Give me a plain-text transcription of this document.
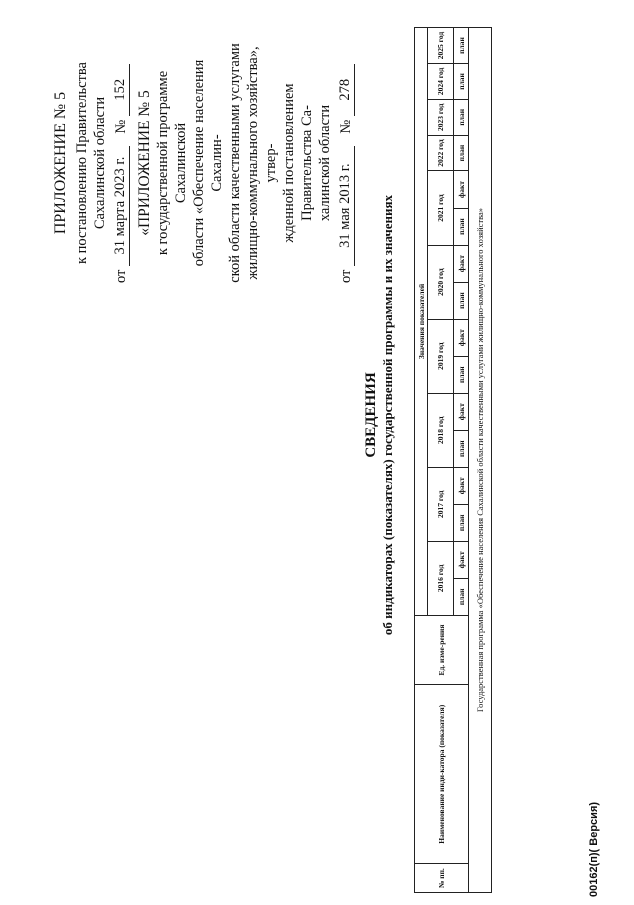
ПРИЛОЖЕНИЕ № 5 к постановлению Правительства Сахалинской области
от
31 марта 2023 г.
№
152
«ПРИЛОЖЕНИЕ № 5 к государственной программе Сахалинской области «Обеспечение населения Сахалин- ской области качественными услугами жилищно-коммунального хозяйства», утвер- жденной постановлением Правительства Са- халинской области
от
31 мая 2013 г.
№
278
СВЕДЕНИЯ об индикаторах (показателях) государственной программы и их значениях
№ пп.	Наименование инди-катора (показателя)	Ед. изме-рения	Значения показателей															
			2016 год		2017 год		2018 год		2019 год		2020 год		2021 год		2022 год	2023 год	2024 год	2025 год
			план	факт	план	факт	план	факт	план	факт	план	факт	план	факт	план	план	план	план
Государственная программа «Обеспечение населения Сахалинской области качественными услугами жилищно-коммунального хозяйства»																		
00162(п)( Версия)
